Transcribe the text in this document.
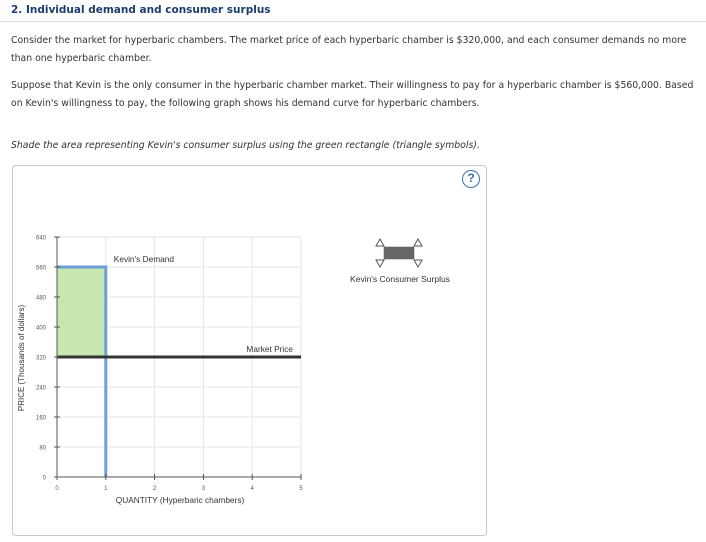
2. Individual demand and consumer surplus
Consider the market for hyperbaric chambers. The market price of each hyperbaric chamber is $320,000, and each consumer demands no more than one hyperbaric chamber.
Suppose that Kevin is the only consumer in the hyperbaric chamber market. Their willingness to pay for a hyperbaric chamber is $560,000. Based on Kevin's willingness to pay, the following graph shows his demand curve for hyperbaric chambers.
Shade the area representing Kevin's consumer surplus using the green rectangle (triangle symbols).
?
0
80
160
240
320
400
480
560
640
0	1	2	3	4	5
QUANTITY (Hyperbaric chambers)
PRICE (Thousands of dollars)
Kevin's Demand
Market Price
Kevin's Consumer Surplus
